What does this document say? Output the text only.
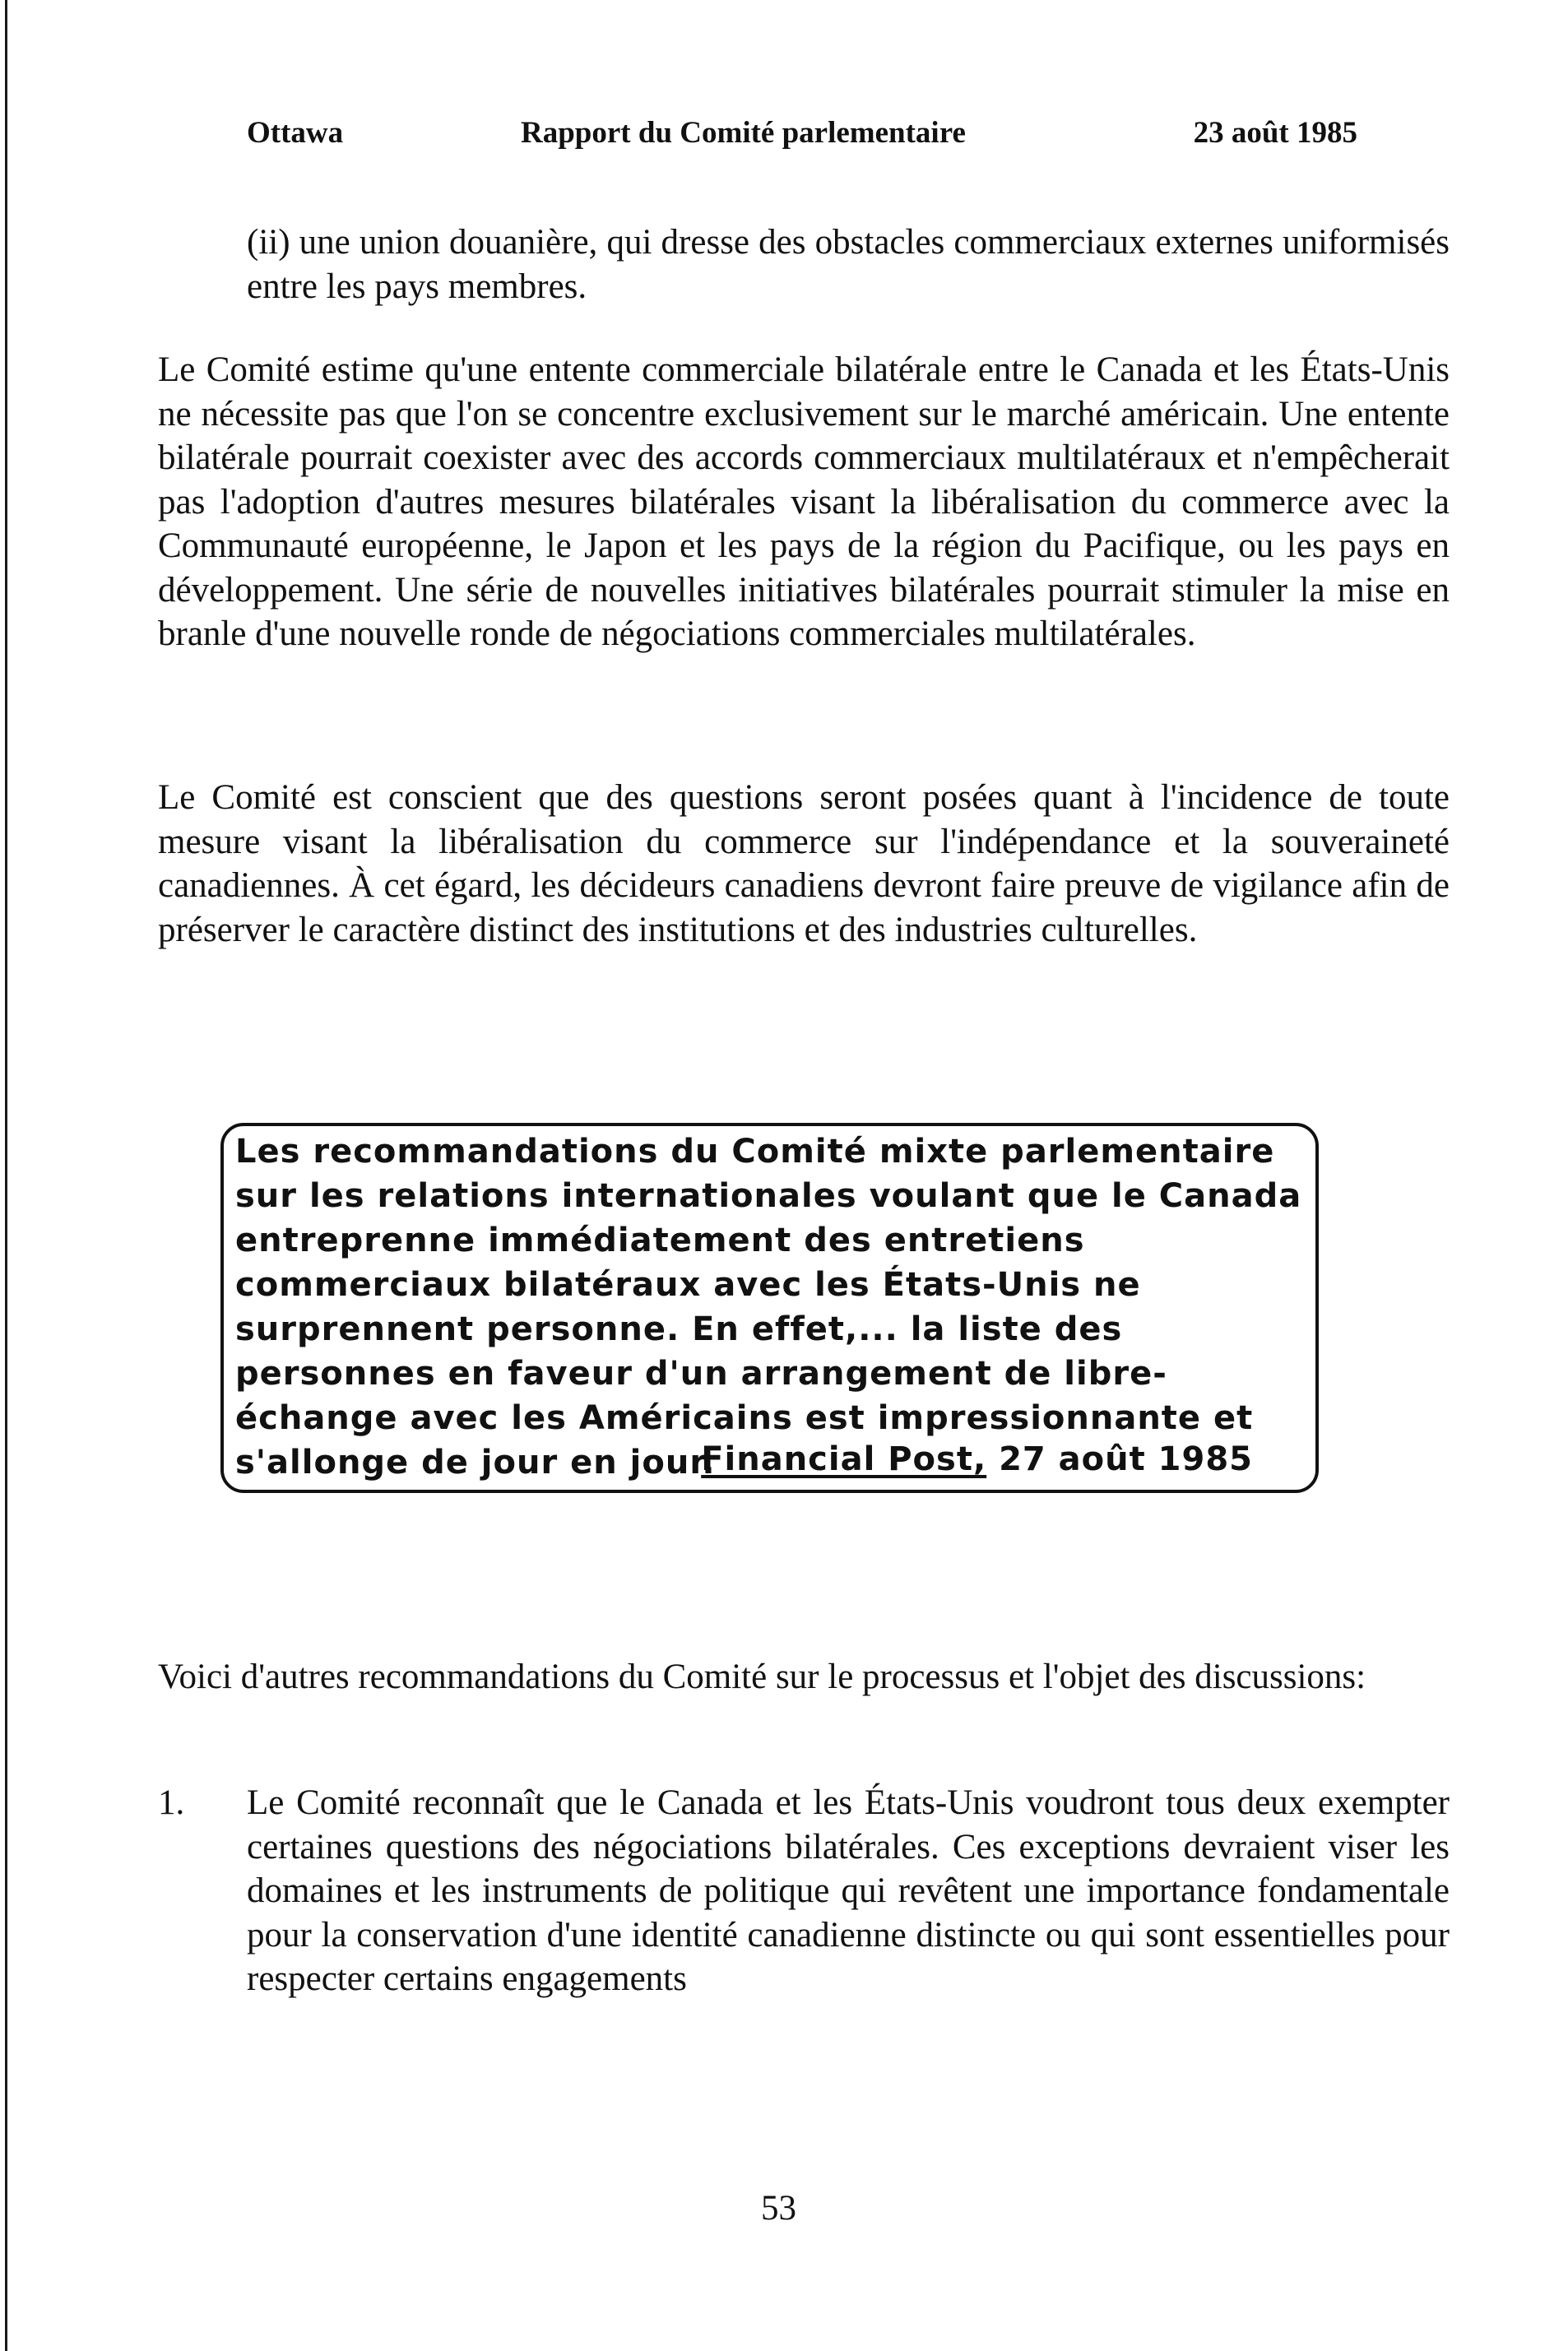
Ottawa	Rapport du Comité parlementaire	23 août 1985

(ii) une union douanière, qui dresse des obstacles commerciaux externes uniformisés entre les pays membres.

Le Comité estime qu'une entente commerciale bilatérale entre le Canada et les États-Unis ne nécessite pas que l'on se concentre exclusivement sur le marché américain. Une entente bilatérale pourrait coexister avec des accords commerciaux multilatéraux et n'empêcherait pas l'adoption d'autres mesures bilatérales visant la libéralisation du commerce avec la Communauté européenne, le Japon et les pays de la région du Pacifique, ou les pays en développement. Une série de nouvelles initiatives bilatérales pourrait stimuler la mise en branle d'une nouvelle ronde de négociations commerciales multilatérales.

Le Comité est conscient que des questions seront posées quant à l'incidence de toute mesure visant la libéralisation du commerce sur l'indépendance et la souveraineté canadiennes. À cet égard, les décideurs canadiens devront faire preuve de vigilance afin de préserver le caractère distinct des institutions et des industries culturelles.

Les recommandations du Comité mixte parlementaire sur les relations internationales voulant que le Canada entreprenne immédiatement des entretiens commerciaux bilatéraux avec les États-Unis ne surprennent personne. En effet,... la liste des personnes en faveur d'un arrangement de libre-échange avec les Américains est impressionnante et s'allonge de jour en jour.

Financial Post, 27 août 1985

Voici d'autres recommandations du Comité sur le processus et l'objet des discussions:

1. Le Comité reconnaît que le Canada et les États-Unis voudront tous deux exempter certaines questions des négociations bilatérales. Ces exceptions devraient viser les domaines et les instruments de politique qui revêtent une importance fondamentale pour la conservation d'une identité canadienne distincte ou qui sont essentielles pour respecter certains engagements

53
